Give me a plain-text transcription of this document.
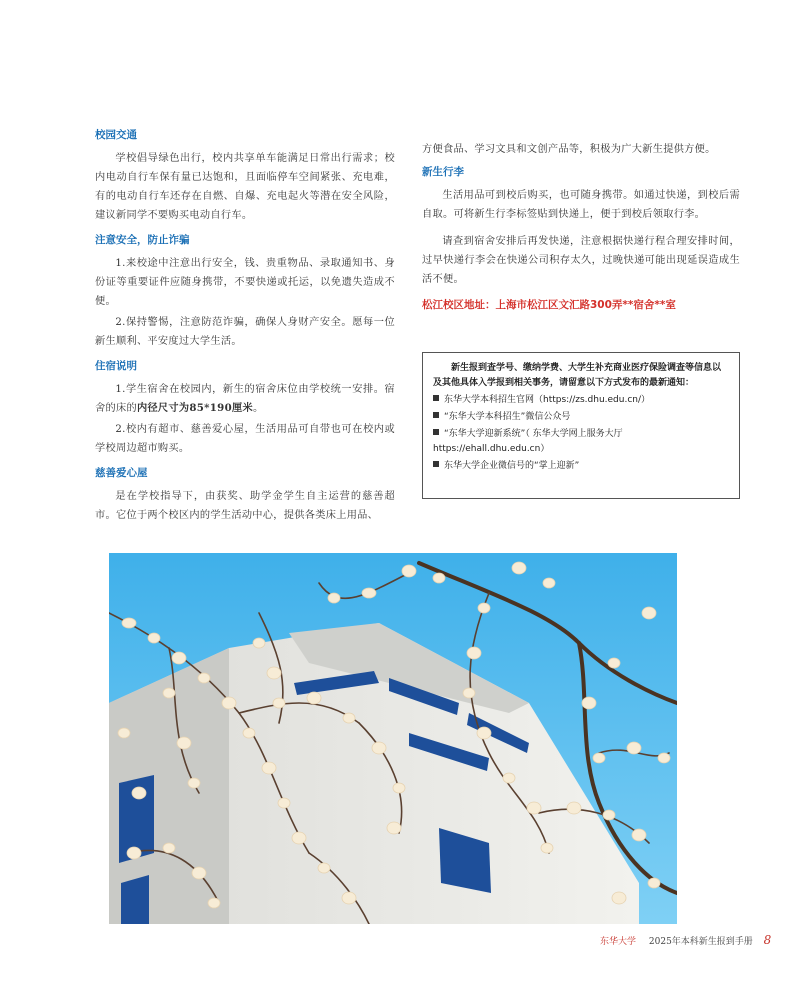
校园交通

学校倡导绿色出行，校内共享单车能满足日常出行需求；校内电动自行车保有量已达饱和，且面临停车空间紧张、充电难，有的电动自行车还存在自燃、自爆、充电起火等潜在安全风险，建议新同学不要购买电动自行车。

注意安全，防止诈骗

1.来校途中注意出行安全，钱、贵重物品、录取通知书、身份证等重要证件应随身携带，不要快递或托运，以免遗失造成不便。

2.保持警惕，注意防范诈骗，确保人身财产安全。愿每一位新生顺利、平安度过大学生活。

住宿说明

1.学生宿舍在校园内，新生的宿舍床位由学校统一安排。宿舍的床的内径尺寸为85*190厘米。

2.校内有超市、慈善爱心屋，生活用品可自带也可在校内或学校周边超市购买。

慈善爱心屋

是在学校指导下，由获奖、助学金学生自主运营的慈善超市。它位于两个校区内的学生活动中心，提供各类床上用品、

方便食品、学习文具和文创产品等，积极为广大新生提供方便。

新生行李

生活用品可到校后购买，也可随身携带。如通过快递，到校后需自取。可将新生行李标签贴到快递上，便于到校后领取行李。

请查到宿舍安排后再发快递，注意根据快递行程合理安排时间，过早快递行李会在快递公司积存太久，过晚快递可能出现延误造成生活不便。

松江校区地址：上海市松江区文汇路300弄**宿舍**室
新生报到查学号、缴纳学费、大学生补充商业医疗保险调查等信息以及其他具体入学报到相关事务，请留意以下方式发布的最新通知：
东华大学本科招生官网（https://zs.dhu.edu.cn/）
“东华大学本科招生”微信公众号
“东华大学迎新系统”（ 东华大学网上服务大厅 https://ehall.dhu.edu.cn）
东华大学企业微信号的“掌上迎新”
东华大学 2025年本科新生报到手册 8
